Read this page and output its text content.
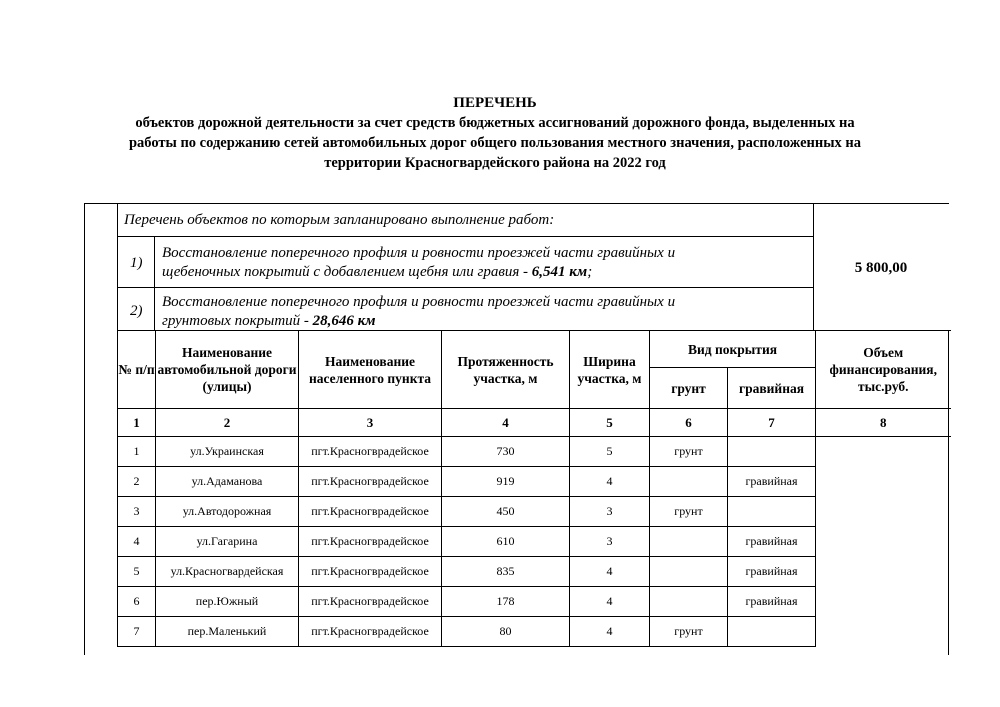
ПЕРЕЧЕНЬ
объектов дорожной деятельности за счет средств бюджетных ассигнований дорожного фонда, выделенных на
работы по содержанию сетей автомобильных дорог общего пользования местного значения, расположенных на
территории Красногвардейского района на 2022 год
Перечень объектов по которым запланировано выполнение работ:
1)
Восстановление поперечного профиля и ровности проезжей части гравийных и
щебеночных покрытий с добавлением щебня или гравия - 6,541 км;
2)
Восстановление поперечного профиля и ровности проезжей части гравийных и
грунтовых покрытий - 28,646 км
5 800,00
№ п/п	Наименование автомобильной дороги (улицы)	Наименование населенного пункта	Протяженность участка, м	Ширина участка, м	Вид покрытия		Объем финансирования, тыс.руб.
					грунт	гравийная	
1	2	3	4	5	6	7	8
1	ул.Украинская	пгт.Красногврадейское	730	5	грунт		
2	ул.Адаманова	пгт.Красногврадейское	919	4		гравийная	
3	ул.Автодорожная	пгт.Красногврадейское	450	3	грунт		
4	ул.Гагарина	пгт.Красногврадейское	610	3		гравийная	
5	ул.Красногвардейская	пгт.Красногврадейское	835	4		гравийная	
6	пер.Южный	пгт.Красногврадейское	178	4		гравийная	
7	пер.Маленький	пгт.Красногврадейское	80	4	грунт		
